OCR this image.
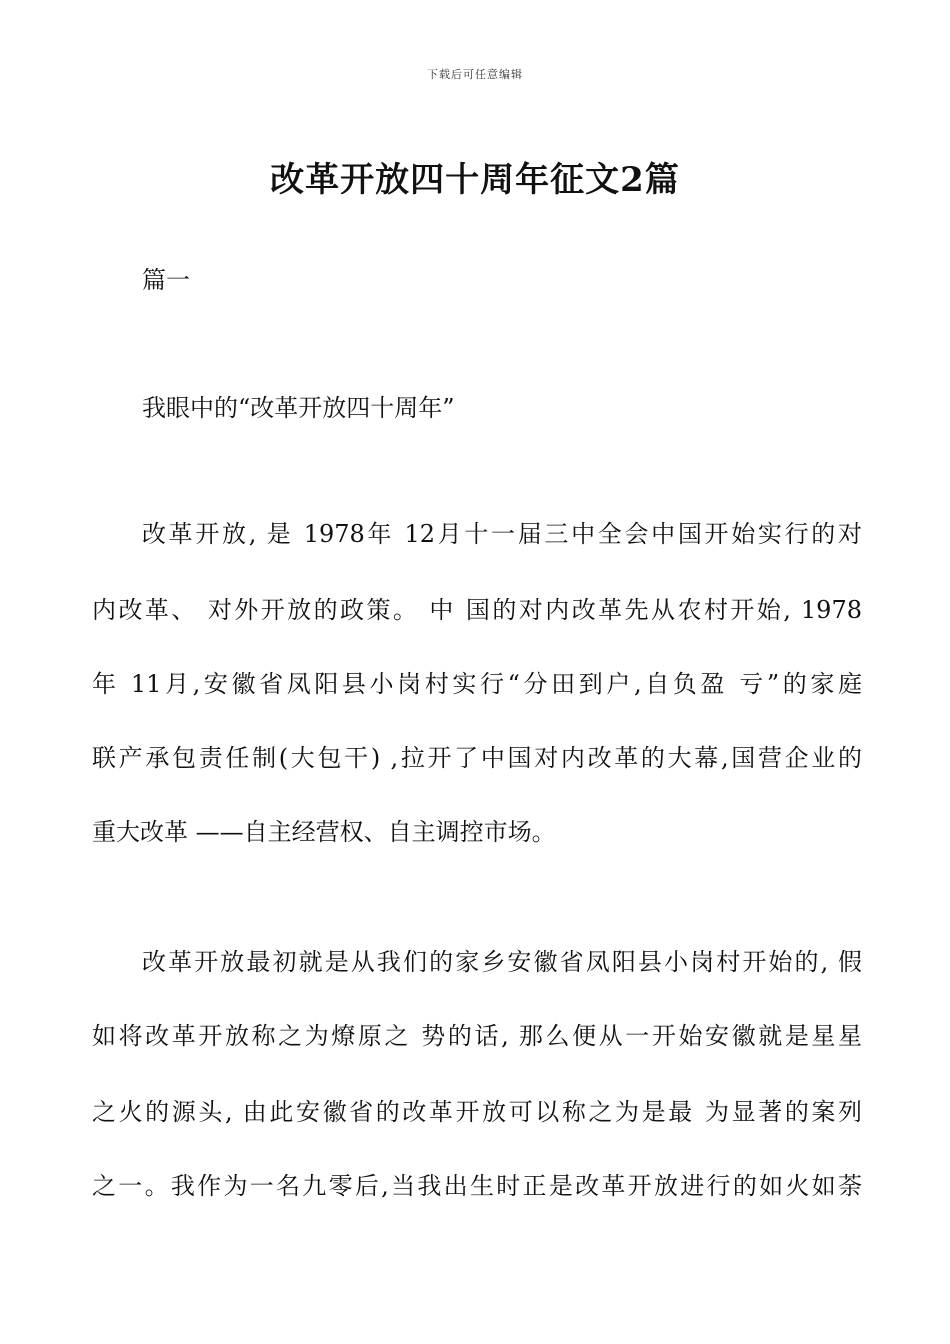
下载后可任意编辑
改革开放四十周年征文2篇
篇一
我眼中的“改革开放四十周年”
改革开放, 是 1978年 12月十一届三中全会中国开始实行的对
内改革、 对外开放的政策。 中 国的对内改革先从农村开始, 1978
年 11月,安徽省凤阳县小岗村实行“分田到户,自负盈 亏”的家庭
联产承包责任制(大包干) ,拉开了中国对内改革的大幕,国营企业的
重大改革 ——自主经营权、自主调控市场。
改革开放最初就是从我们的家乡安徽省凤阳县小岗村开始的, 假
如将改革开放称之为燎原之 势的话, 那么便从一开始安徽就是星星
之火的源头, 由此安徽省的改革开放可以称之为是最 为显著的案列
之一。我作为一名九零后,当我出生时正是改革开放进行的如火如荼
